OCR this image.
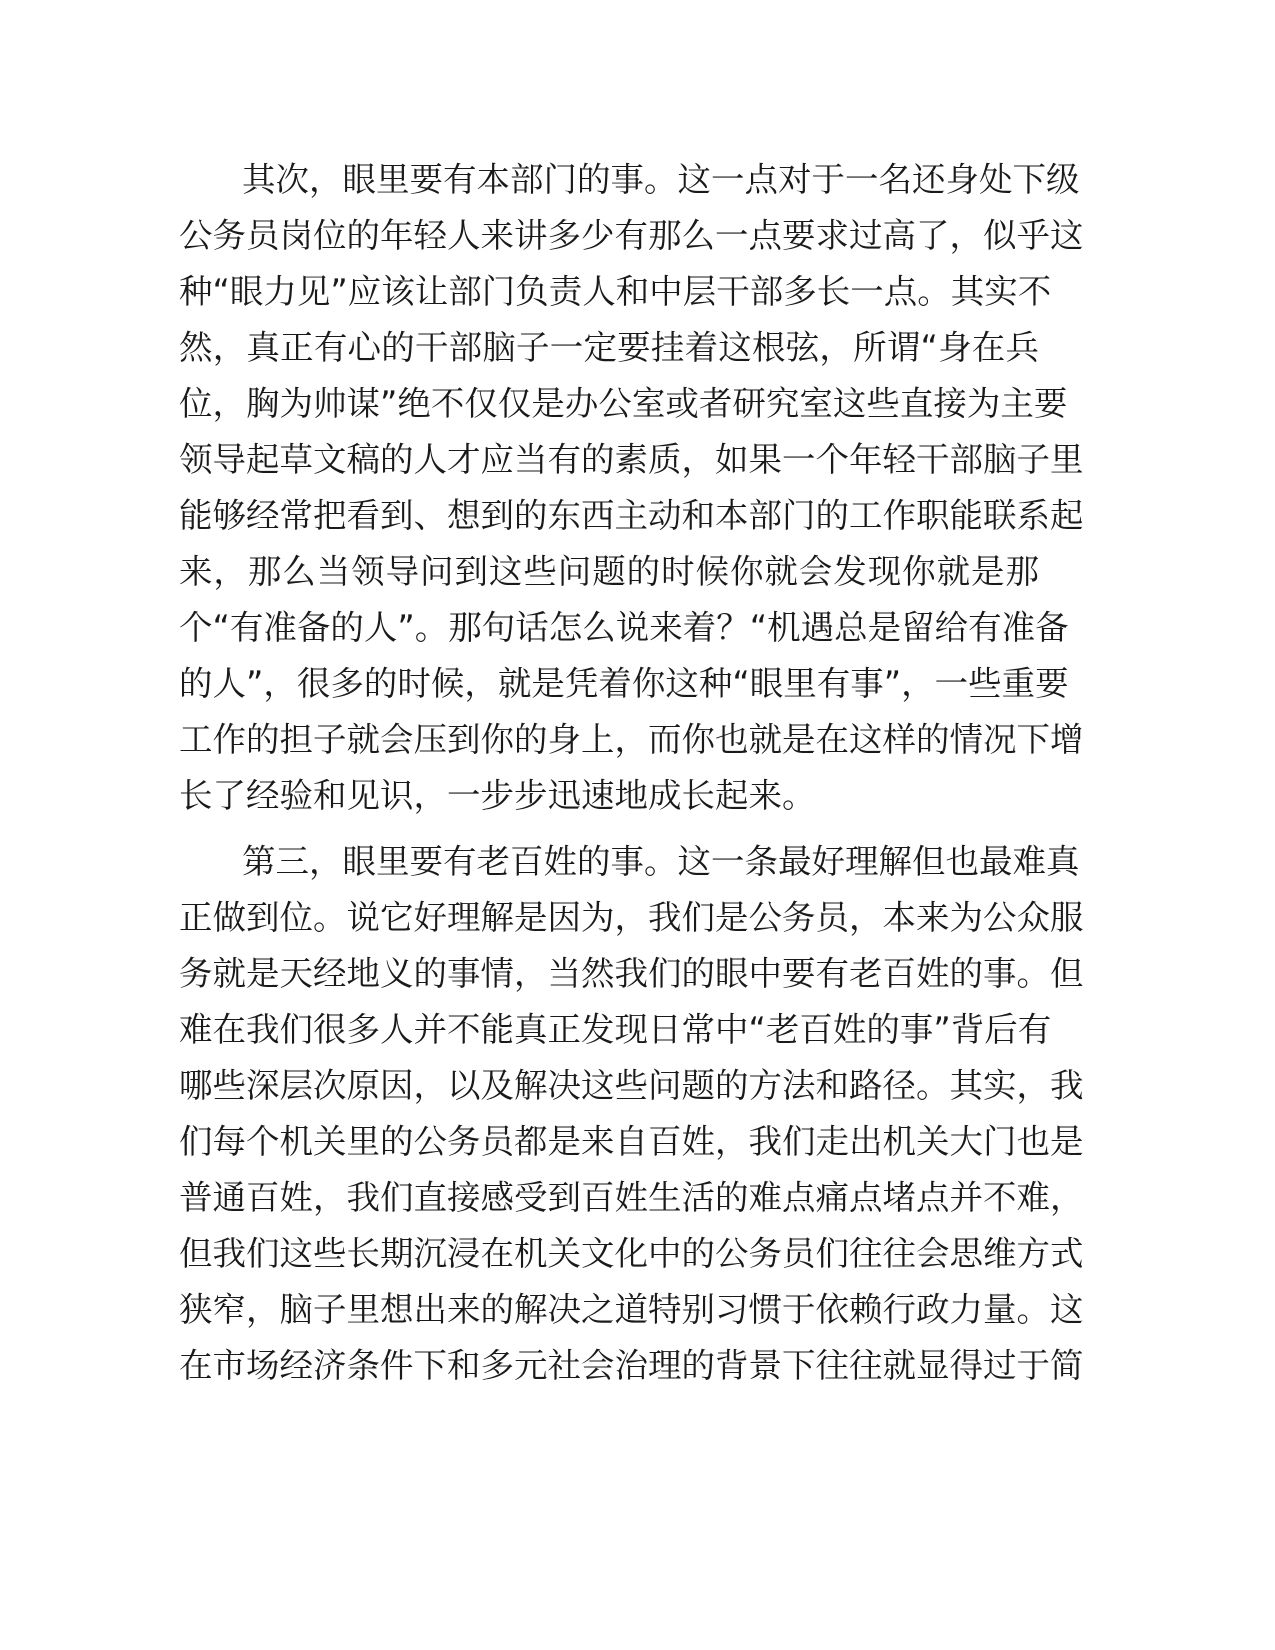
其次，眼里要有本部门的事。这一点对于一名还身处下级
公务员岗位的年轻人来讲多少有那么一点要求过高了，似乎这
种“眼力见”应该让部门负责人和中层干部多长一点。其实不
然，真正有心的干部脑子一定要挂着这根弦，所谓“身在兵
位，胸为帅谋”绝不仅仅是办公室或者研究室这些直接为主要
领导起草文稿的人才应当有的素质，如果一个年轻干部脑子里
能够经常把看到、想到的东西主动和本部门的工作职能联系起
来，那么当领导问到这些问题的时候你就会发现你就是那
个“有准备的人”。那句话怎么说来着？“机遇总是留给有准备
的人”，很多的时候，就是凭着你这种“眼里有事”，一些重要
工作的担子就会压到你的身上，而你也就是在这样的情况下增
长了经验和见识，一步步迅速地成长起来。
第三，眼里要有老百姓的事。这一条最好理解但也最难真
正做到位。说它好理解是因为，我们是公务员，本来为公众服
务就是天经地义的事情，当然我们的眼中要有老百姓的事。但
难在我们很多人并不能真正发现日常中“老百姓的事”背后有
哪些深层次原因，以及解决这些问题的方法和路径。其实，我
们每个机关里的公务员都是来自百姓，我们走出机关大门也是
普通百姓，我们直接感受到百姓生活的难点痛点堵点并不难，
但我们这些长期沉浸在机关文化中的公务员们往往会思维方式
狭窄，脑子里想出来的解决之道特别习惯于依赖行政力量。这
在市场经济条件下和多元社会治理的背景下往往就显得过于简
